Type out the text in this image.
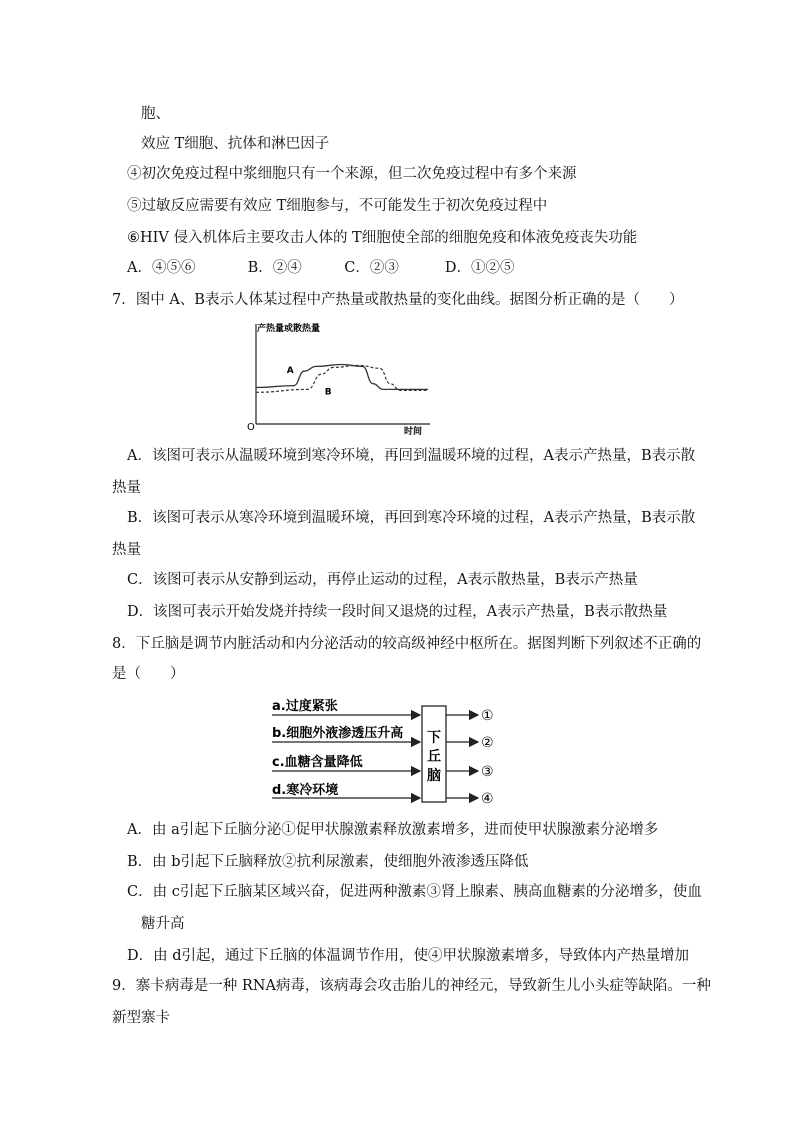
胞、
效应 T细胞、抗体和淋巴因子
④初次免疫过程中浆细胞只有一个来源，但二次免疫过程中有多个来源
⑤过敏反应需要有效应 T细胞参与，不可能发生于初次免疫过程中
⑥HIV 侵入机体后主要攻击人体的 T细胞使全部的细胞免疫和体液免疫丧失功能
A．④⑤⑥	B．②④	C．②③	D．①②⑤
7．图中 A、B表示人体某过程中产热量或散热量的变化曲线。据图分析正确的是（　　）
产热量或散热量
时间
O
A
B
A．该图可表示从温暖环境到寒冷环境，再回到温暖环境的过程，A表示产热量，B表示散
热量
B．该图可表示从寒冷环境到温暖环境，再回到寒冷环境的过程，A表示产热量，B表示散
热量
C．该图可表示从安静到运动，再停止运动的过程，A表示散热量，B表示产热量
D．该图可表示开始发烧并持续一段时间又退烧的过程，A表示产热量，B表示散热量
8．下丘脑是调节内脏活动和内分泌活动的较高级神经中枢所在。据图判断下列叙述不正确的
是（　　）
a.过度紧张
b.细胞外液渗透压升高
c.血糖含量降低
d.寒冷环境
下
丘
脑
①
②
③
④
A．由 a引起下丘脑分泌①促甲状腺激素释放激素增多，进而使甲状腺激素分泌增多
B．由 b引起下丘脑释放②抗利尿激素，使细胞外液渗透压降低
C．由 c引起下丘脑某区域兴奋，促进两种激素③肾上腺素、胰高血糖素的分泌增多，使血
糖升高
D．由 d引起，通过下丘脑的体温调节作用，使④甲状腺激素增多，导致体内产热量增加
9．寨卡病毒是一种 RNA病毒，该病毒会攻击胎儿的神经元，导致新生儿小头症等缺陷。一种
新型寨卡
